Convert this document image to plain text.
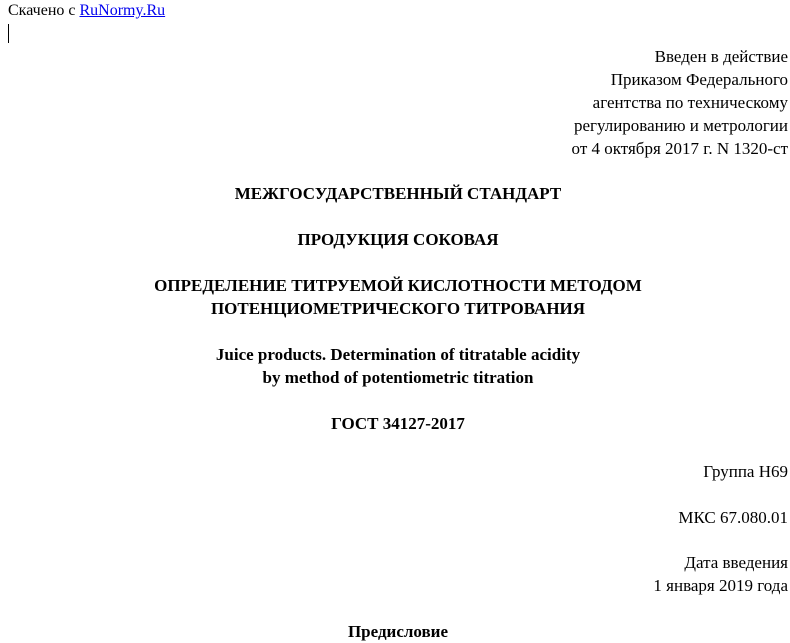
Скачено с RuNormy.Ru
Введен в действие
Приказом Федерального
агентства по техническому
регулированию и метрологии
от 4 октября 2017 г. N 1320-ст
МЕЖГОСУДАРСТВЕННЫЙ СТАНДАРТ
ПРОДУКЦИЯ СОКОВАЯ
ОПРЕДЕЛЕНИЕ ТИТРУЕМОЙ КИСЛОТНОСТИ МЕТОДОМ
ПОТЕНЦИОМЕТРИЧЕСКОГО ТИТРОВАНИЯ
Juice products. Determination of titratable acidity
by method of potentiometric titration
ГОСТ 34127-2017
Группа Н69
МКС 67.080.01
Дата введения
1 января 2019 года
Предисловие
